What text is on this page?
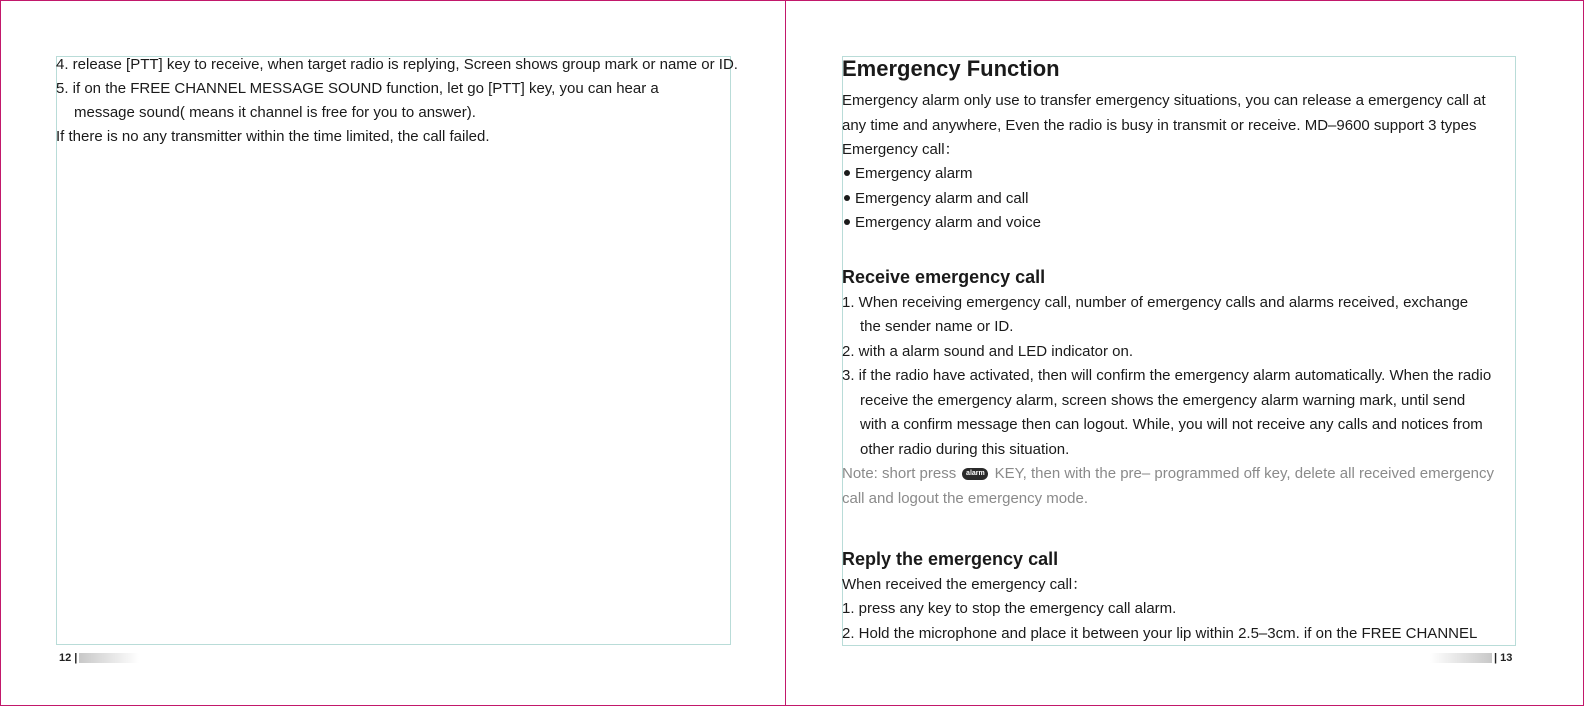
4. release [PTT] key to receive, when target radio is replying, Screen shows group mark or name or ID.
5. if on the FREE CHANNEL MESSAGE SOUND function, let go [PTT] key, you can hear a
message sound( means it channel is free for you to answer).
If there is no any transmitter within the time limited, the call failed.
12 |
Emergency Function
Emergency alarm only use to transfer emergency situations, you can release a emergency call at
any time and anywhere, Even the radio is busy in transmit or receive. MD–9600 support 3 types
Emergency call：
Emergency alarm
Emergency alarm and call
Emergency alarm and voice
Receive emergency call
1. When receiving emergency call, number of emergency calls and alarms received, exchange
the sender name or ID.
2. with a alarm sound and LED indicator on.
3. if the radio have activated, then will confirm the emergency alarm automatically. When the radio
receive the emergency alarm, screen shows the emergency alarm warning mark, until send
with a confirm message then can logout. While, you will not receive any calls and notices from
other radio during this situation.
Note: short press alarm KEY, then with the pre– programmed off key, delete all received emergency
call and logout the emergency mode.
Reply the emergency call
When received the emergency call：
1. press any key to stop the emergency call alarm.
2. Hold the microphone and place it between your lip within 2.5–3cm. if on the FREE CHANNEL
| 13
